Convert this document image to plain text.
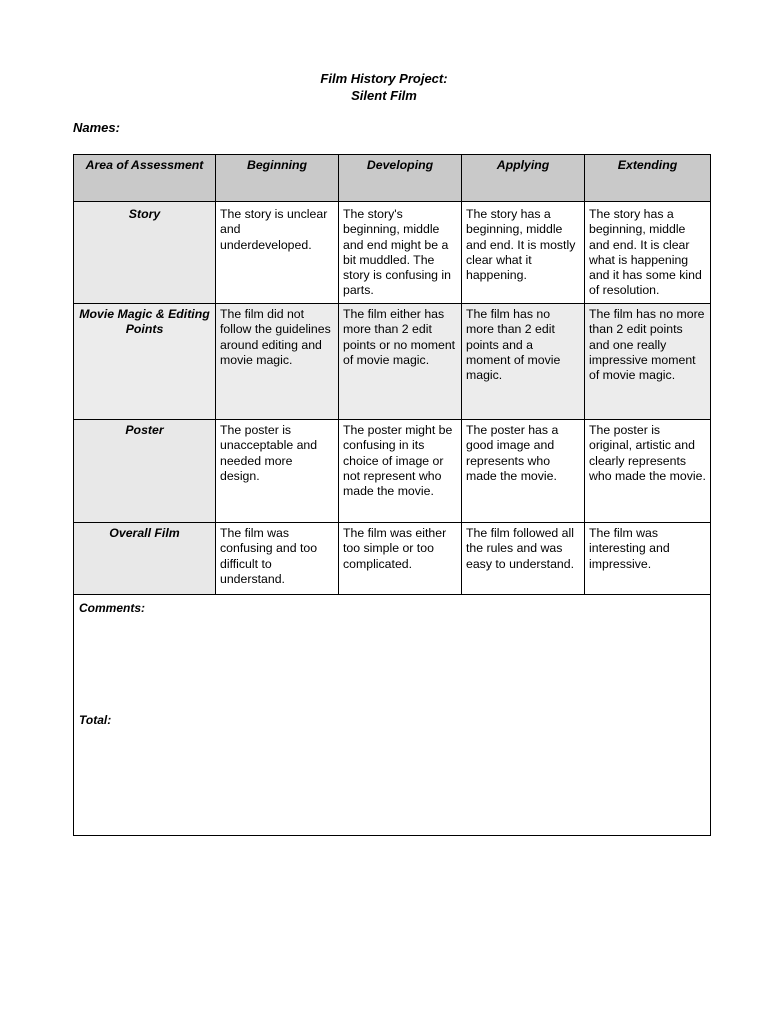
Film History Project:
Silent Film
Names:
Area of Assessment	Beginning	Developing	Applying	Extending
Story	The story is unclear and underdeveloped.	The story's beginning, middle and end might be a bit muddled. The story is confusing in parts.	The story has a beginning, middle and end. It is mostly clear what it happening.	The story has a beginning, middle and end. It is clear what is happening and it has some kind of resolution.
Movie Magic & Editing Points	The film did not follow the guidelines around editing and movie magic.	The film either has more than 2 edit points or no moment of movie magic.	The film has no more than 2 edit points and a moment of movie magic.	The film has no more than 2 edit points and one really impressive moment of movie magic.
Poster	The poster is unacceptable and needed more design.	The poster might be confusing in its choice of image or not represent who made the movie.	The poster has a good image and represents who made the movie.	The poster is original, artistic and clearly represents who made the movie.
Overall Film	The film was confusing and too difficult to understand.	The film was either too simple or too complicated.	The film followed all the rules and was easy to understand.	The film was interesting and impressive.

Comments:
Total:				
